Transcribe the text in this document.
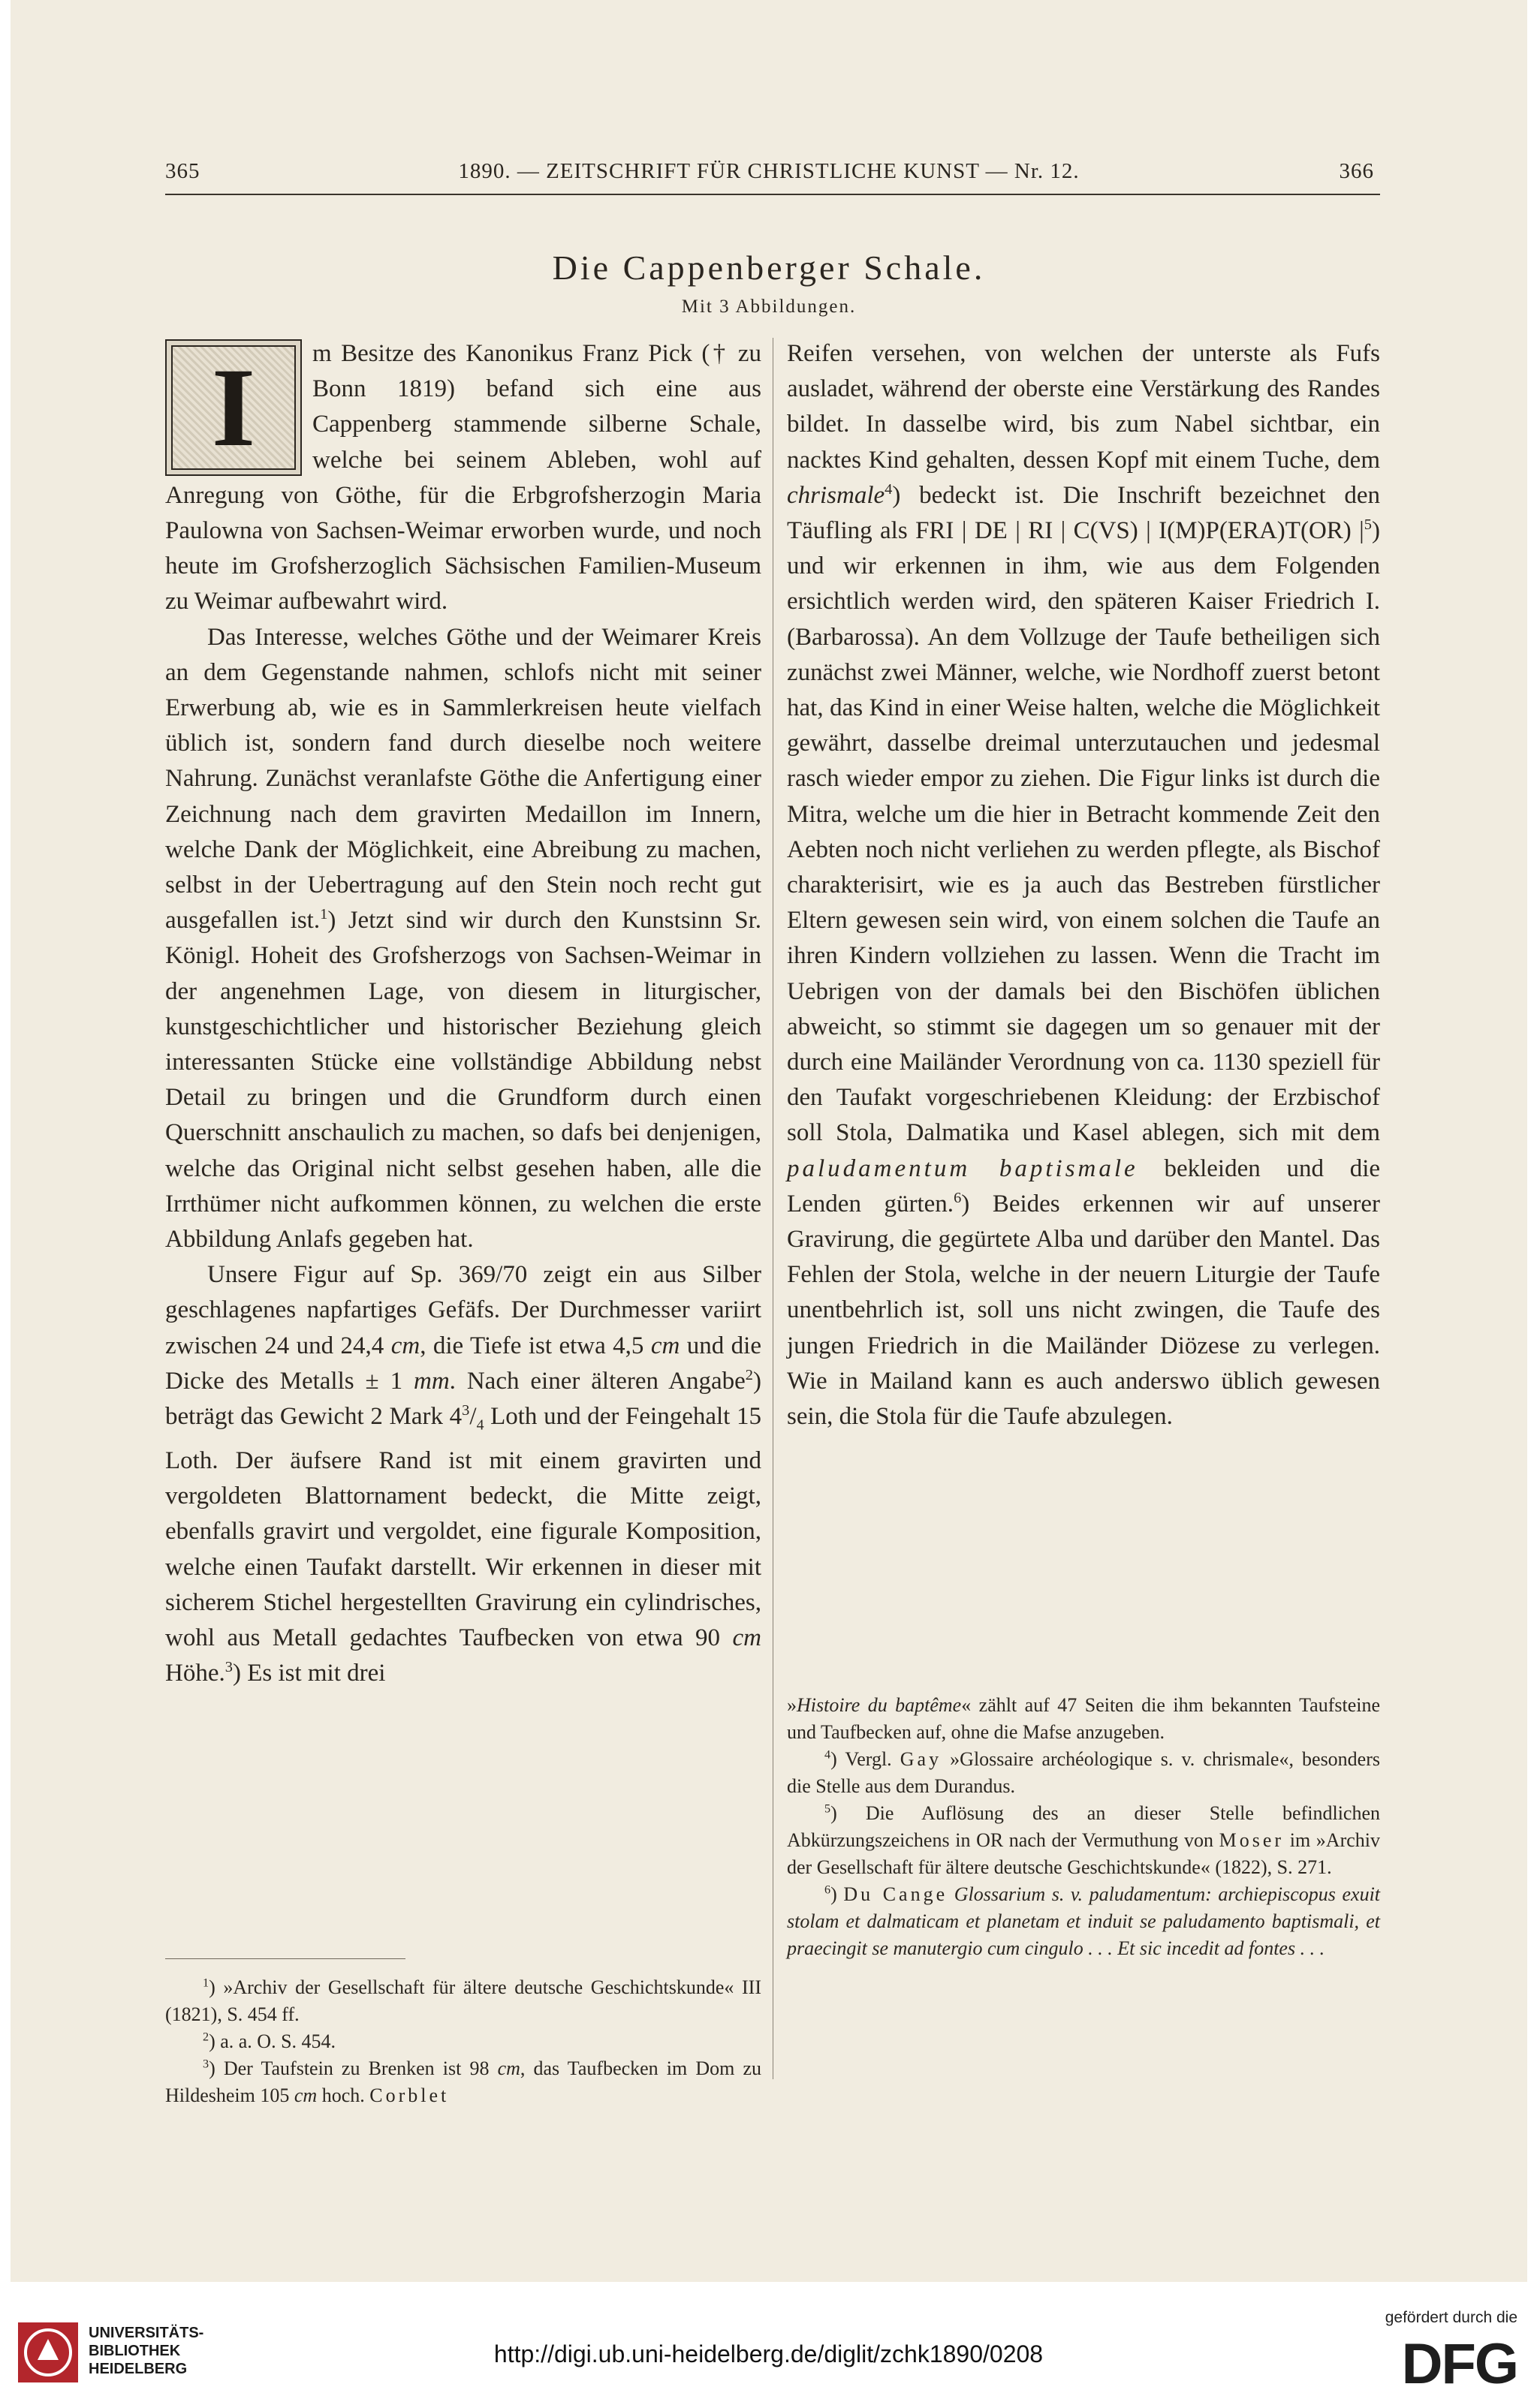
365	1890. — ZEITSCHRIFT FÜR CHRISTLICHE KUNST — Nr. 12.	366
Die Cappenberger Schale.
Mit 3 Abbildungen.
I	m Besitze des Kanonikus Franz Pick († zu Bonn 1819) befand sich eine aus Cappenberg stammende silberne Schale, welche bei seinem Ableben, wohl auf Anregung von Göthe, für die Erbgrofsherzogin Maria Paulowna von Sachsen-Weimar erworben wurde, und noch heute im Grofsherzoglich Sächsischen Familien-Museum zu Weimar aufbewahrt wird.

Das Interesse, welches Göthe und der Weimarer Kreis an dem Gegenstande nahmen, schlofs nicht mit seiner Erwerbung ab, wie es in Sammlerkreisen heute vielfach üblich ist, sondern fand durch dieselbe noch weitere Nahrung. Zunächst veranlafste Göthe die Anfertigung einer Zeichnung nach dem gravirten Medaillon im Innern, welche Dank der Möglichkeit, eine Abreibung zu machen, selbst in der Uebertragung auf den Stein noch recht gut ausgefallen ist.$^1$) Jetzt sind wir durch den Kunstsinn Sr. Königl. Hoheit des Grofsherzogs von Sachsen-Weimar in der angenehmen Lage, von diesem in liturgischer, kunstgeschichtlicher und historischer Beziehung gleich interessanten Stücke eine vollständige Abbildung nebst Detail zu bringen und die Grundform durch einen Querschnitt anschaulich zu machen, so dafs bei denjenigen, welche das Original nicht selbst gesehen haben, alle die Irrthümer nicht aufkommen können, zu welchen die erste Abbildung Anlafs gegeben hat.

Unsere Figur auf Sp. 369/70 zeigt ein aus Silber geschlagenes napfartiges Gefäfs. Der Durchmesser variirt zwischen 24 und 24,4 cm, die Tiefe ist etwa 4,5 cm und die Dicke des Metalls ± 1 mm. Nach einer älteren Angabe$^2$) beträgt das Gewicht 2 Mark $4^3/_4$ Loth und der Feingehalt 15 Loth. Der äufsere Rand ist mit einem gravirten und vergoldeten Blattornament bedeckt, die Mitte zeigt, ebenfalls gravirt und vergoldet, eine figurale Komposition, welche einen Taufakt darstellt. Wir erkennen in dieser mit sicherem Stichel hergestellten Gravirung ein cylindrisches, wohl aus Metall gedachtes Taufbecken von etwa 90 cm Höhe.$^3$) Es ist mit drei

$^1$) »Archiv der Gesellschaft für ältere deutsche Geschichtskunde« III (1821), S. 454 ff.

$^2$) a. a. O. S. 454.

$^3$) Der Taufstein zu Brenken ist 98 cm, das Taufbecken im Dom zu Hildesheim 105 cm hoch. Corblet

Reifen versehen, von welchen der unterste als Fufs ausladet, während der oberste eine Verstärkung des Randes bildet. In dasselbe wird, bis zum Nabel sichtbar, ein nacktes Kind gehalten, dessen Kopf mit einem Tuche, dem chrismale$^4$) bedeckt ist. Die Inschrift bezeichnet den Täufling als FRI | DE | RI | C(VS) | I(M)P(ERA)T(OR) $|^5$) und wir erkennen in ihm, wie aus dem Folgenden ersichtlich werden wird, den späteren Kaiser Friedrich I. (Barbarossa). An dem Vollzuge der Taufe betheiligen sich zunächst zwei Männer, welche, wie Nordhoff zuerst betont hat, das Kind in einer Weise halten, welche die Möglichkeit gewährt, dasselbe dreimal unterzutauchen und jedesmal rasch wieder empor zu ziehen. Die Figur links ist durch die Mitra, welche um die hier in Betracht kommende Zeit den Aebten noch nicht verliehen zu werden pflegte, als Bischof charakterisirt, wie es ja auch das Bestreben fürstlicher Eltern gewesen sein wird, von einem solchen die Taufe an ihren Kindern vollziehen zu lassen. Wenn die Tracht im Uebrigen von der damals bei den Bischöfen üblichen abweicht, so stimmt sie dagegen um so genauer mit der durch eine Mailänder Verordnung von ca. 1130 speziell für den Taufakt vorgeschriebenen Kleidung: der Erzbischof soll Stola, Dalmatika und Kasel ablegen, sich mit dem paludamentum baptismale bekleiden und die Lenden gürten.$^6$) Beides erkennen wir auf unserer Gravirung, die gegürtete Alba und darüber den Mantel. Das Fehlen der Stola, welche in der neuern Liturgie der Taufe unentbehrlich ist, soll uns nicht zwingen, die Taufe des jungen Friedrich in die Mailänder Diözese zu verlegen. Wie in Mailand kann es auch anderswo üblich gewesen sein, die Stola für die Taufe abzulegen.

»Histoire du baptême« zählt auf 47 Seiten die ihm bekannten Taufsteine und Taufbecken auf, ohne die Mafse anzugeben.

$^4$) Vergl. Gay »Glossaire archéologique s. v. chrismale«, besonders die Stelle aus dem Durandus.

$^5$) Die Auflösung des an dieser Stelle befindlichen Abkürzungszeichens in OR nach der Vermuthung von Moser im »Archiv der Gesellschaft für ältere deutsche Geschichtskunde« (1822), S. 271.

$^6$) Du Cange Glossarium s. v. paludamentum: archiepiscopus exuit stolam et dalmaticam et planetam et induit se paludamento baptismali, et praecingit se manutergio cum cingulo . . . Et sic incedit ad fontes . . .

UNIVERSITÄTS-
BIBLIOTHEK
HEIDELBERG
http://digi.ub.uni-heidelberg.de/diglit/zchk1890/0208
gefördert durch die
DFG
